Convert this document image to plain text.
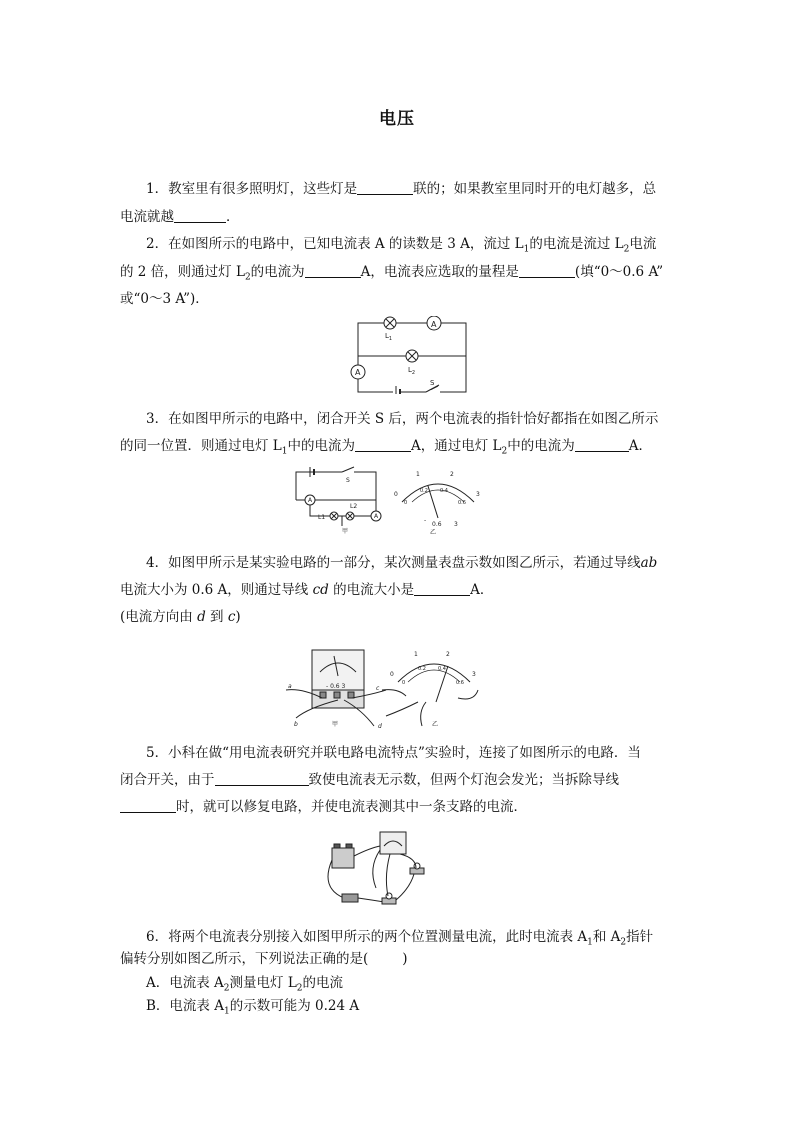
电压
1．教室里有很多照明灯，这些灯是	联的；如果教室里同时开的电灯越多，总
电流就越	．
2．在如图所示的电路中，已知电流表 A 的读数是 3 A，流过 $L_1$的电流是流过 $L_2$电流
的 2 倍，则通过灯 $L_2$的电流为	A，电流表应选取的量程是	(填“0～0.6 A”
或“0～3 A”)．
A
A
$L_1$
$L_2$
S
3．在如图甲所示的电路中，闭合开关 S 后，两个电流表的指针恰好都指在如图乙所示
的同一位置．则通过电灯 $L_1$中的电流为	A，通过电灯 $L_2$中的电流为	A．
S
A
A
L1
L2
甲
0
1	2
3
0
0.2 0.4
0.6
-
0.6 3
乙
4．如图甲所示是某实验电路的一部分，某次测量表盘示数如图乙所示，若通过导线ab
电流大小为 0.6 A，则通过导线 cd 的电流大小是	A．
(电流方向由 d 到 c)
- 0.6 3
a
b
c
d
甲
0
1	2
3
0
0.2 0.4
0.6
乙
5．小科在做“用电流表研究并联电路电流特点”实验时，连接了如图所示的电路．当
闭合开关，由于	致使电流表无示数，但两个灯泡会发光；当拆除导线
时，就可以修复电路，并使电流表测其中一条支路的电流．
6．将两个电流表分别接入如图甲所示的两个位置测量电流，此时电流表 $A_1$和 $A_2$指针
偏转分别如图乙所示，下列说法正确的是(	)
A．电流表 $A_2$测量电灯 $L_2$的电流
B．电流表 $A_1$的示数可能为 0.24 A
